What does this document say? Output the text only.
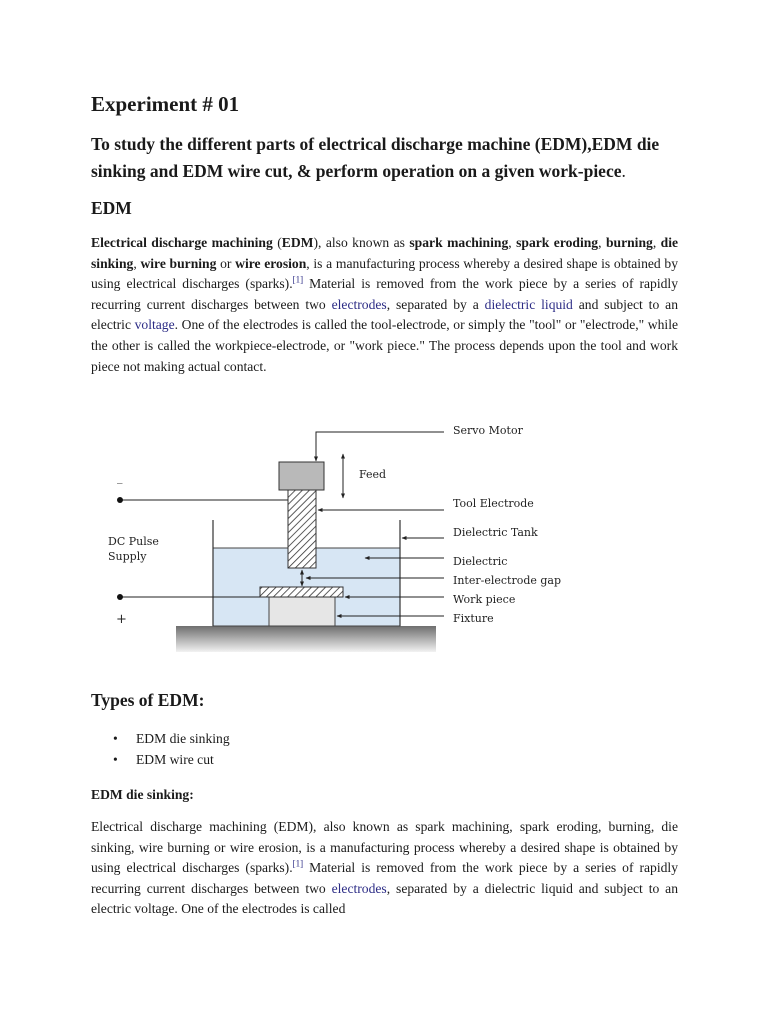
Experiment # 01
To study the different parts of electrical discharge machine (EDM),EDM die sinking and EDM wire cut, & perform operation on a given work-piece.
EDM
Electrical discharge machining (EDM), also known as spark machining, spark eroding, burning, die sinking, wire burning or wire erosion, is a manufacturing process whereby a desired shape is obtained by using electrical discharges (sparks).[1] Material is removed from the work piece by a series of rapidly recurring current discharges between two electrodes, separated by a dielectric liquid and subject to an electric voltage. One of the electrodes is called the tool-electrode, or simply the "tool" or "electrode," while the other is called the workpiece-electrode, or "work piece." The process depends upon the tool and work piece not making actual contact.
Feed
_
+
DC Pulse
Supply
Servo Motor
Tool Electrode
Dielectric Tank
Dielectric
Inter-electrode gap
Work piece
Fixture
Types of EDM:
• EDM die sinking
• EDM wire cut
EDM die sinking:
Electrical discharge machining (EDM), also known as spark machining, spark eroding, burning, die sinking, wire burning or wire erosion, is a manufacturing process whereby a desired shape is obtained by using electrical discharges (sparks).[1] Material is removed from the work piece by a series of rapidly recurring current discharges between two electrodes, separated by a dielectric liquid and subject to an electric voltage. One of the electrodes is called
